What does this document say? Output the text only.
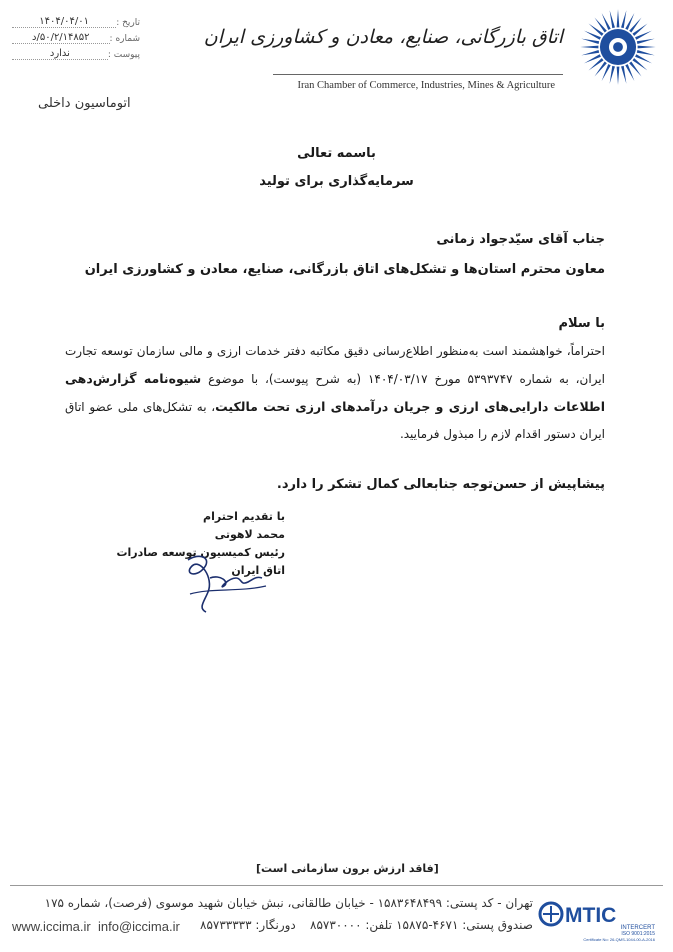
تاریخ :
۱۴۰۴/۰۴/۰۱
شماره :
۵۰/۲/۱۴۸۵۲/د
پیوست :
ندارد
اتوماسیون داخلی
اتاق بازرگانی، صنایع، معادن و کشاورزی ایران
Iran Chamber of Commerce, Industries, Mines & Agriculture
باسمه تعالی
سرمایه‌گذاری برای تولید
جناب آقای سیّدجواد زمانی
معاون محترم استان‌ها و تشکل‌های اتاق بازرگانی، صنایع، معادن و کشاورزی ایران
با سلام
احتراماً، خواهشمند است به‌منظور اطلاع‌رسانی دقیق مکاتبه دفتر خدمات ارزی و مالی سازمان توسعه تجارت ایران، به شماره ۵۳۹۳۷۴۷ مورخ ۱۴۰۴/۰۳/۱۷ (به شرح پیوست)، با موضوع شیوه‌نامه گزارش‌دهی اطلاعات دارایی‌های ارزی و جریان درآمدهای ارزی تحت مالکیت، به تشکل‌های ملی عضو اتاق ایران دستور اقدام لازم را مبذول فرمایید.
پیشاپیش از حسن‌توجه جنابعالی کمال تشکر را دارد.
با تقدیم احترام
محمد لاهوتی
رئیس کمیسیون توسعه صادرات اتاق ایران
[فاقد ارزش برون سازمانی است]
تهران - کد پستی: ۱۵۸۳۶۴۸۴۹۹ - خیابان طالقانی، نبش خیابان شهید موسوی (فرصت)، شماره ۱۷۵
www.iccima.ir info@iccima.ir دورنگار: ۸۵۷۳۳۳۳۳ تلفن: ۸۵۷۳۰۰۰۰ صندوق پستی: ۴۶۷۱-۱۵۸۷۵ MTIC
INTERCERT
ISO 9001:2015
Certificate No: 26-QMS-1044-00-A-2016
